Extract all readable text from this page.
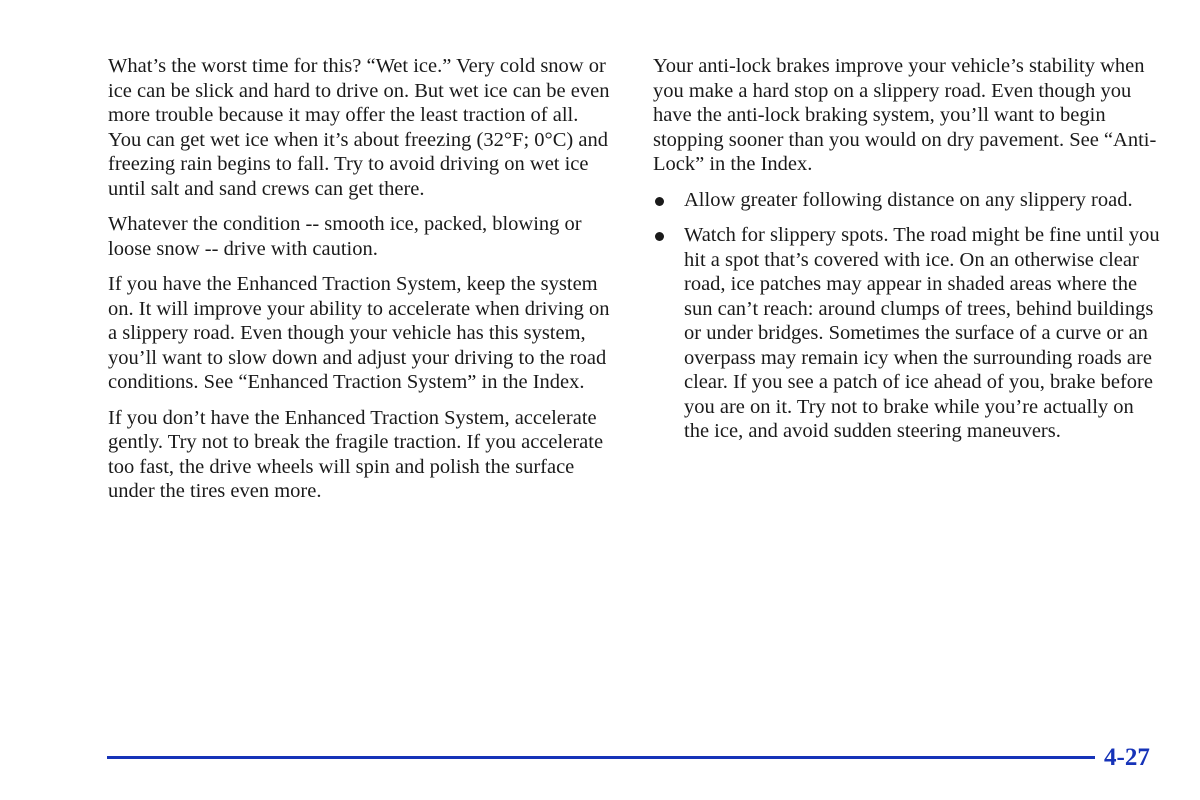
What’s the worst time for this? “Wet ice.” Very cold snow or ice can be slick and hard to drive on. But wet ice can be even more trouble because it may offer the least traction of all. You can get wet ice when it’s about freezing (32°F; 0°C) and freezing rain begins to fall. Try to avoid driving on wet ice until salt and sand crews can get there.

Whatever the condition -- smooth ice, packed, blowing or loose snow -- drive with caution.

If you have the Enhanced Traction System, keep the system on. It will improve your ability to accelerate when driving on a slippery road. Even though your vehicle has this system, you’ll want to slow down and adjust your driving to the road conditions. See “Enhanced Traction System” in the Index.

If you don’t have the Enhanced Traction System, accelerate gently. Try not to break the fragile traction. If you accelerate too fast, the drive wheels will spin and polish the surface under the tires even more.

Your anti-lock brakes improve your vehicle’s stability when you make a hard stop on a slippery road. Even though you have the anti-lock braking system, you’ll want to begin stopping sooner than you would on dry pavement. See “Anti-Lock” in the Index.

Allow greater following distance on any slippery road.
Watch for slippery spots. The road might be fine until you hit a spot that’s covered with ice. On an otherwise clear road, ice patches may appear in shaded areas where the sun can’t reach: around clumps of trees, behind buildings or under bridges. Sometimes the surface of a curve or an overpass may remain icy when the surrounding roads are clear. If you see a patch of ice ahead of you, brake before you are on it. Try not to brake while you’re actually on the ice, and avoid sudden steering maneuvers.
4-27
